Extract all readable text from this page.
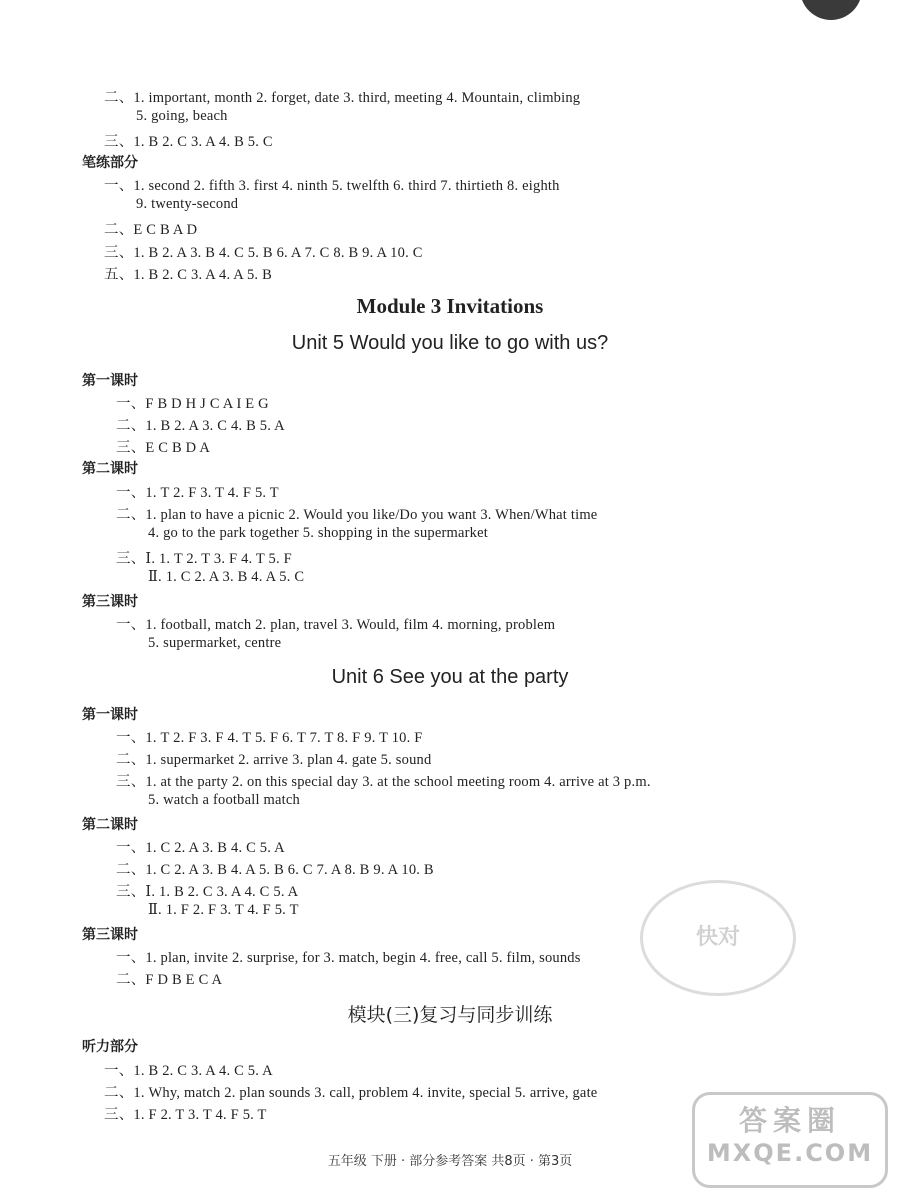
二、1. important, month 2. forget, date 3. third, meeting 4. Mountain, climbing
5. going, beach
三、1. B 2. C 3. A 4. B 5. C
笔练部分
一、1. second 2. fifth 3. first 4. ninth 5. twelfth 6. third 7. thirtieth 8. eighth
9. twenty-second
二、E C B A D
三、1. B 2. A 3. B 4. C 5. B 6. A 7. C 8. B 9. A 10. C
五、1. B 2. C 3. A 4. A 5. B
Module 3 Invitations
Unit 5 Would you like to go with us?
第一课时
一、F B D H J C A I E G
二、1. B 2. A 3. C 4. B 5. A
三、E C B D A
第二课时
一、1. T 2. F 3. T 4. F 5. T
二、1. plan to have a picnic 2. Would you like/Do you want 3. When/What time
4. go to the park together 5. shopping in the supermarket
三、Ⅰ. 1. T 2. T 3. F 4. T 5. F
Ⅱ. 1. C 2. A 3. B 4. A 5. C
第三课时
一、1. football, match 2. plan, travel 3. Would, film 4. morning, problem
5. supermarket, centre
Unit 6 See you at the party
第一课时
一、1. T 2. F 3. F 4. T 5. F 6. T 7. T 8. F 9. T 10. F
二、1. supermarket 2. arrive 3. plan 4. gate 5. sound
三、1. at the party 2. on this special day 3. at the school meeting room 4. arrive at 3 p.m.
5. watch a football match
第二课时
一、1. C 2. A 3. B 4. C 5. A
二、1. C 2. A 3. B 4. A 5. B 6. C 7. A 8. B 9. A 10. B
三、Ⅰ. 1. B 2. C 3. A 4. C 5. A
Ⅱ. 1. F 2. F 3. T 4. F 5. T
第三课时
一、1. plan, invite 2. surprise, for 3. match, begin 4. free, call 5. film, sounds
二、F D B E C A
模块(三)复习与同步训练
听力部分
一、1. B 2. C 3. A 4. C 5. A
二、1. Why, match 2. plan sounds 3. call, problem 4. invite, special 5. arrive, gate
三、1. F 2. T 3. T 4. F 5. T
五年级 下册 · 部分参考答案 共8页 · 第3页
快对
答案圈
MXQE.COM
